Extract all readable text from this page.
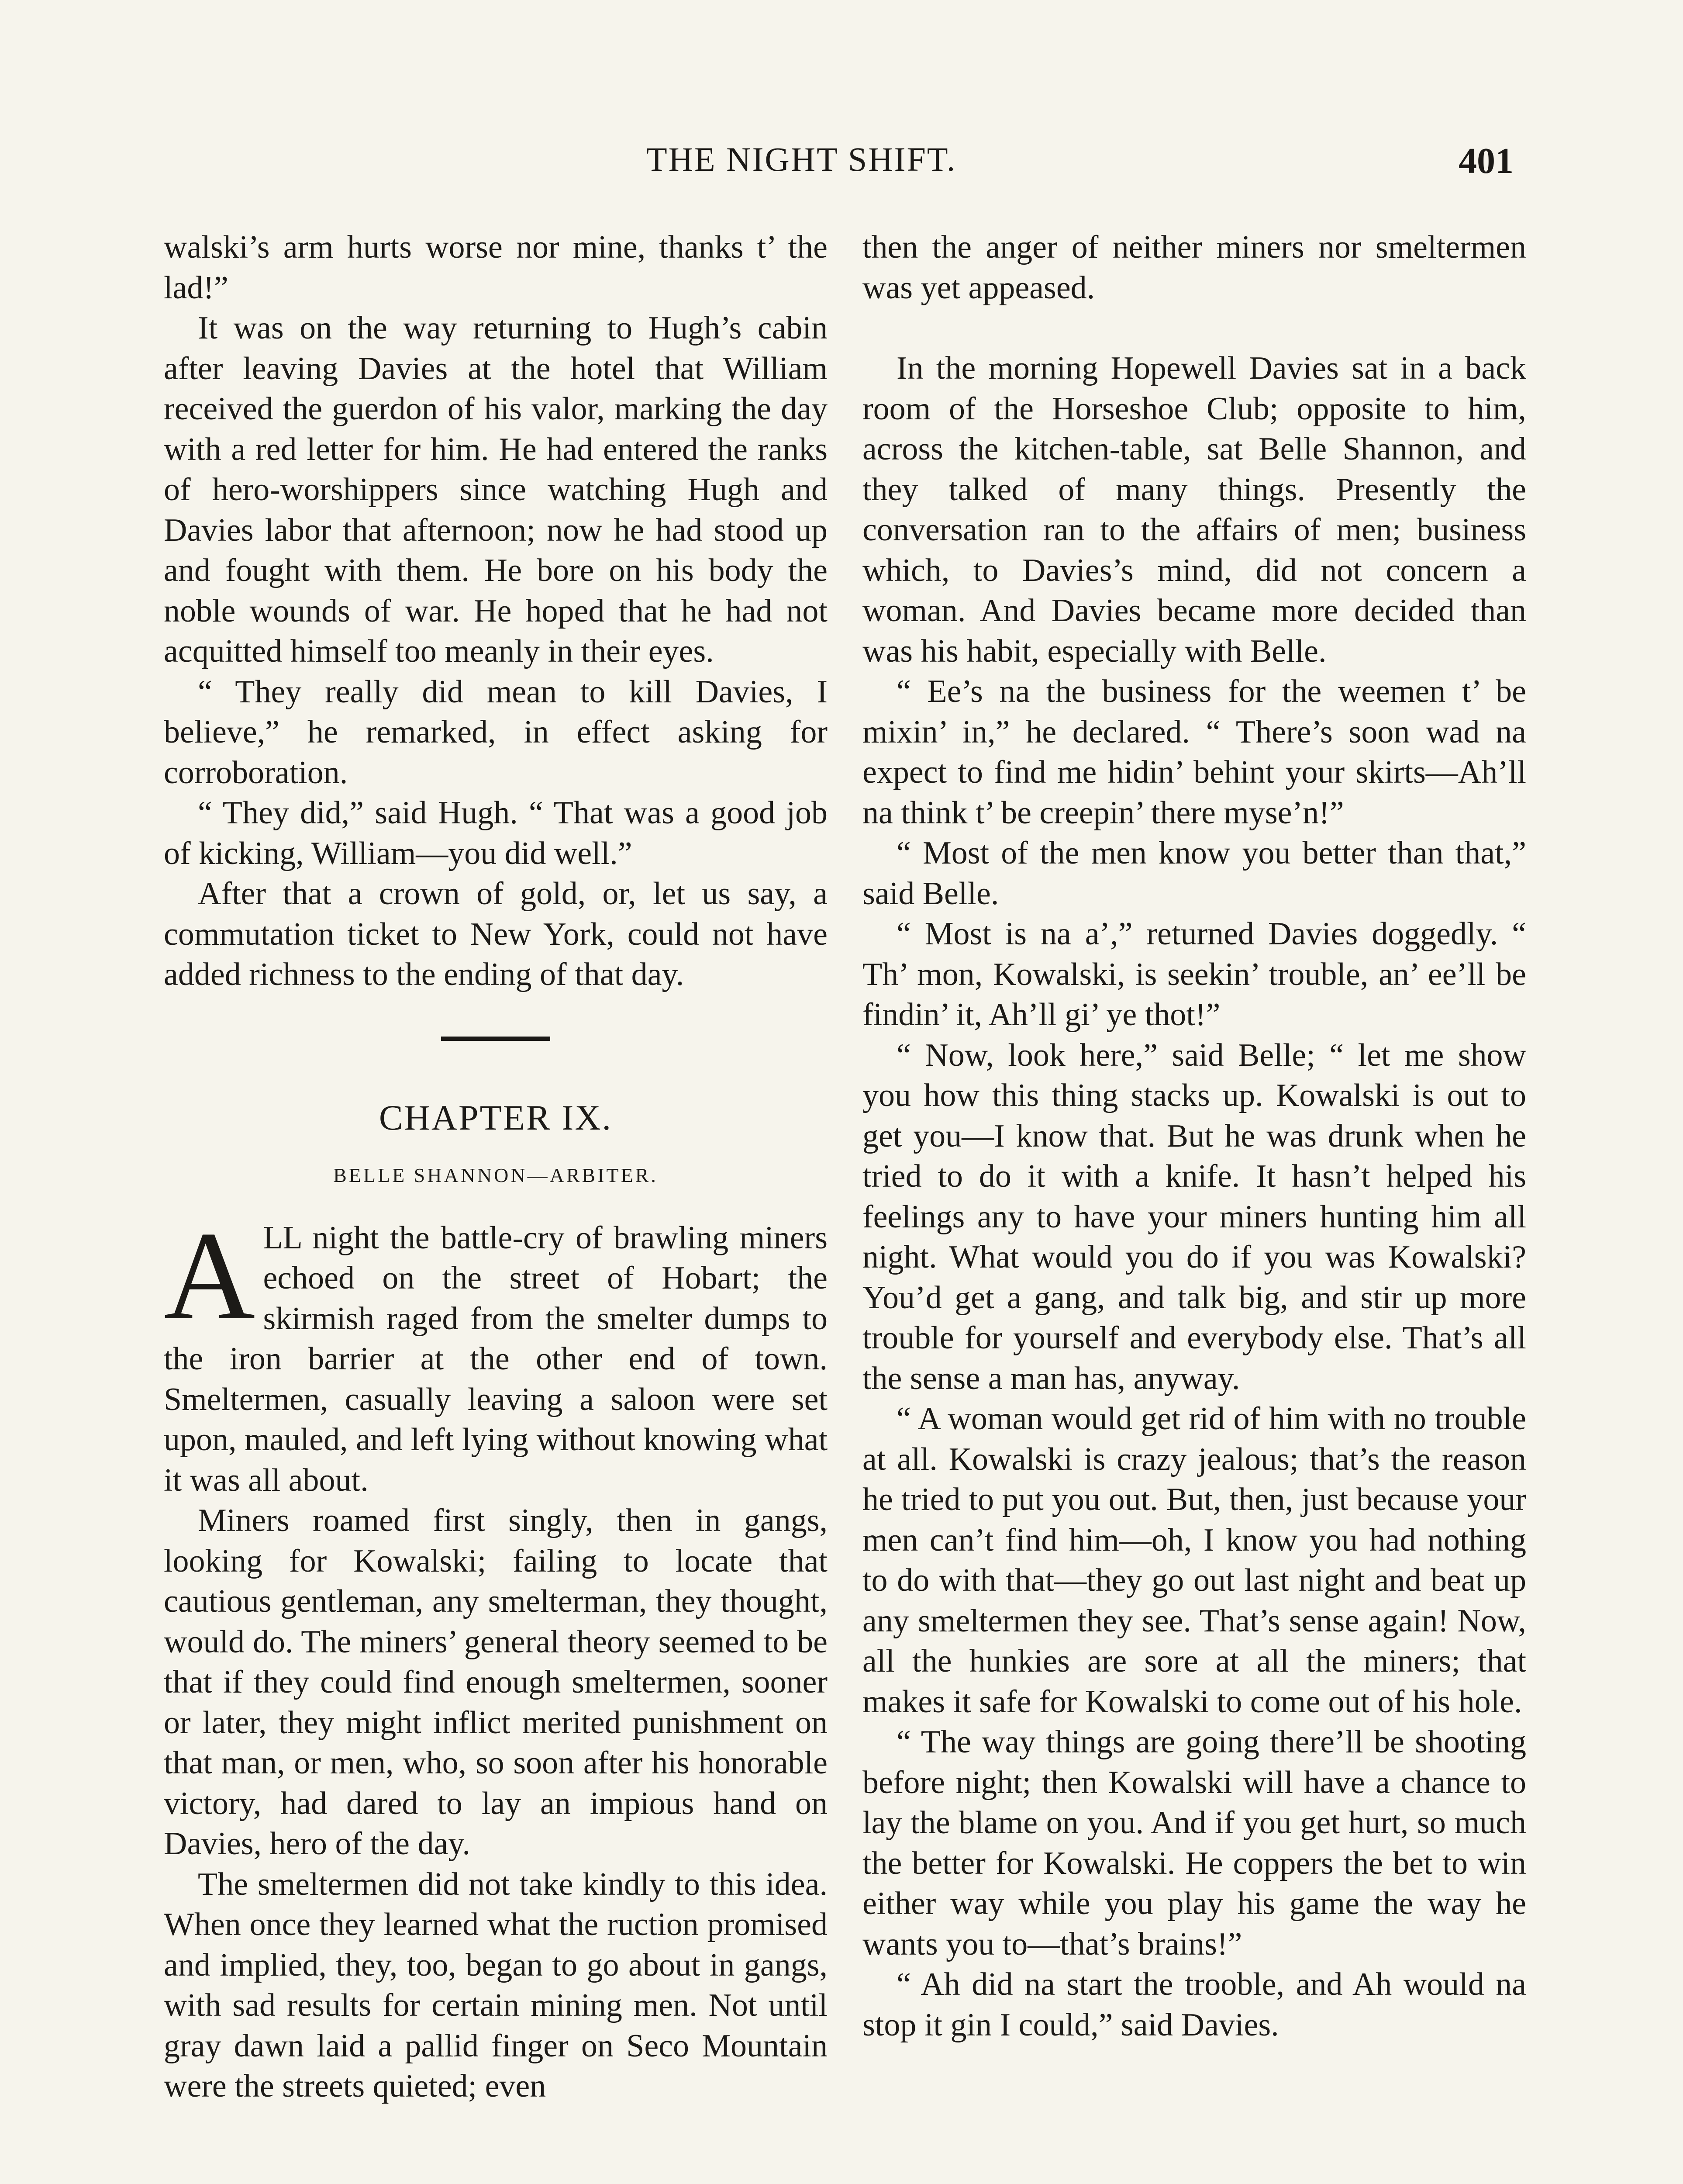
THE NIGHT SHIFT.	401

walski’s arm hurts worse nor mine, thanks t’ the lad!”

It was on the way returning to Hugh’s cabin after leaving Davies at the hotel that William received the guerdon of his valor, marking the day with a red letter for him. He had entered the ranks of hero-worshippers since watching Hugh and Davies labor that afternoon; now he had stood up and fought with them. He bore on his body the noble wounds of war. He hoped that he had not acquitted himself too meanly in their eyes.

“ They really did mean to kill Davies, I believe,” he remarked, in effect asking for corroboration.

“ They did,” said Hugh. “ That was a good job of kicking, William—you did well.”

After that a crown of gold, or, let us say, a commutation ticket to New York, could not have added richness to the ending of that day.

CHAPTER IX.
BELLE SHANNON—ARBITER.

ALL night the battle-cry of brawling miners echoed on the street of Hobart; the skirmish raged from the smelter dumps to the iron barrier at the other end of town. Smeltermen, casually leaving a saloon were set upon, mauled, and left lying without knowing what it was all about.

Miners roamed first singly, then in gangs, looking for Kowalski; failing to locate that cautious gentleman, any smelterman, they thought, would do. The miners’ general theory seemed to be that if they could find enough smeltermen, sooner or later, they might inflict merited punishment on that man, or men, who, so soon after his honorable victory, had dared to lay an impious hand on Davies, hero of the day.

The smeltermen did not take kindly to this idea. When once they learned what the ruction promised and implied, they, too, began to go about in gangs, with sad results for certain mining men. Not until gray dawn laid a pallid finger on Seco Mountain were the streets quieted; even

then the anger of neither miners nor smeltermen was yet appeased.

In the morning Hopewell Davies sat in a back room of the Horseshoe Club; opposite to him, across the kitchen-table, sat Belle Shannon, and they talked of many things. Presently the conversation ran to the affairs of men; business which, to Davies’s mind, did not concern a woman. And Davies became more decided than was his habit, especially with Belle.

“ Ee’s na the business for the weemen t’ be mixin’ in,” he declared. “ There’s soon wad na expect to find me hidin’ behint your skirts—Ah’ll na think t’ be creepin’ there myse’n!”

“ Most of the men know you better than that,” said Belle.

“ Most is na a’,” returned Davies doggedly. “ Th’ mon, Kowalski, is seekin’ trouble, an’ ee’ll be findin’ it, Ah’ll gi’ ye thot!”

“ Now, look here,” said Belle; “ let me show you how this thing stacks up. Kowalski is out to get you—I know that. But he was drunk when he tried to do it with a knife. It hasn’t helped his feelings any to have your miners hunting him all night. What would you do if you was Kowalski? You’d get a gang, and talk big, and stir up more trouble for yourself and everybody else. That’s all the sense a man has, anyway.

“ A woman would get rid of him with no trouble at all. Kowalski is crazy jealous; that’s the reason he tried to put you out. But, then, just because your men can’t find him—oh, I know you had nothing to do with that—they go out last night and beat up any smeltermen they see. That’s sense again! Now, all the hunkies are sore at all the miners; that makes it safe for Kowalski to come out of his hole.

“ The way things are going there’ll be shooting before night; then Kowalski will have a chance to lay the blame on you. And if you get hurt, so much the better for Kowalski. He coppers the bet to win either way while you play his game the way he wants you to—that’s brains!”

“ Ah did na start the trooble, and Ah would na stop it gin I could,” said Davies.
